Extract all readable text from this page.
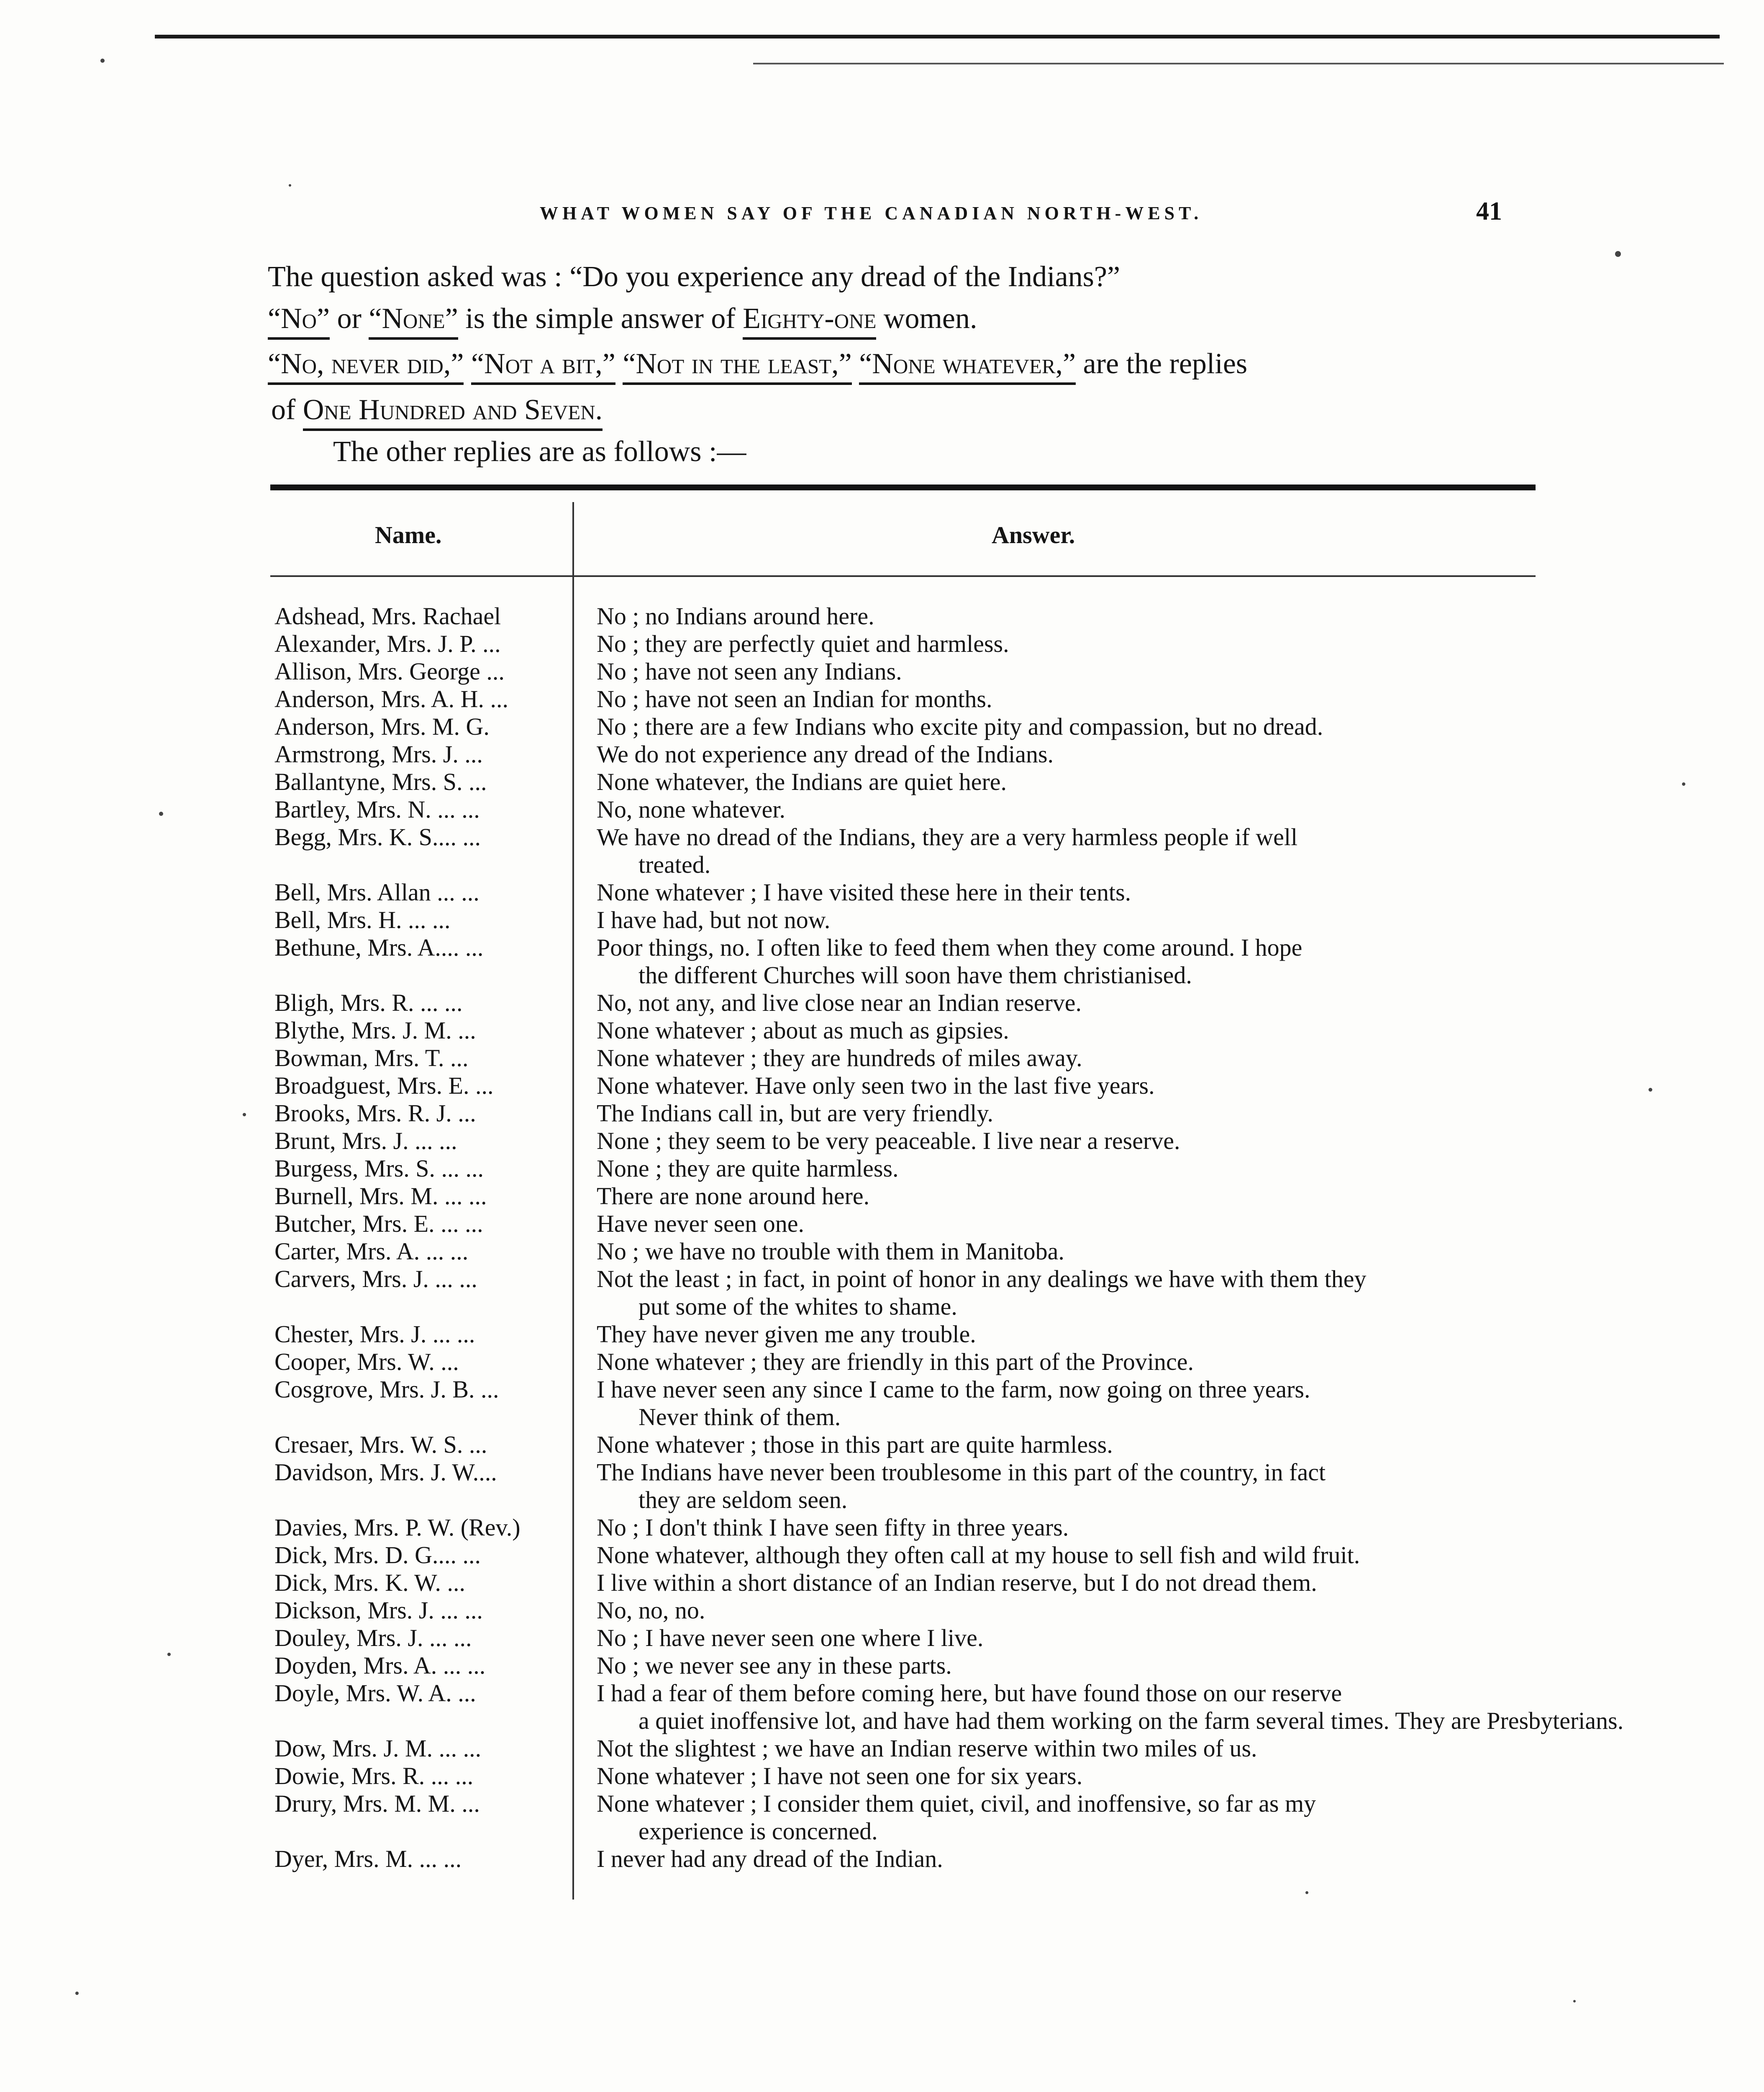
WHAT WOMEN SAY OF THE CANADIAN NORTH-WEST.	41
The question asked was : “Do you experience any dread of the Indians?”
“No” or “None” is the simple answer of Eighty-one women.
“No, never did,” “Not a bit,” “Not in the least,” “None whatever,” are the replies
of One Hundred and Seven.
The other replies are as follows :—
Name.	Answer.
Adshead, Mrs. Rachael	No ; no Indians around here.
Alexander, Mrs. J. P. ...	No ; they are perfectly quiet and harmless.
Allison, Mrs. George ...	No ; have not seen any Indians.
Anderson, Mrs. A. H. ...	No ; have not seen an Indian for months.
Anderson, Mrs. M. G.	No ; there are a few Indians who excite pity and compassion, but no dread.
Armstrong, Mrs. J. ...	We do not experience any dread of the Indians.
Ballantyne, Mrs. S. ...	None whatever, the Indians are quiet here.
Bartley, Mrs. N. ... ...	No, none whatever.
Begg, Mrs. K. S.... ...	We have no dread of the Indians, they are a very harmless people if well
treated.
Bell, Mrs. Allan ... ...	None whatever ; I have visited these here in their tents.
Bell, Mrs. H. ... ...	I have had, but not now.
Bethune, Mrs. A.... ...	Poor things, no. I often like to feed them when they come around. I hope
the different Churches will soon have them christianised.
Bligh, Mrs. R. ... ...	No, not any, and live close near an Indian reserve.
Blythe, Mrs. J. M. ...	None whatever ; about as much as gipsies.
Bowman, Mrs. T. ...	None whatever ; they are hundreds of miles away.
Broadguest, Mrs. E. ...	None whatever. Have only seen two in the last five years.
Brooks, Mrs. R. J. ...	The Indians call in, but are very friendly.
Brunt, Mrs. J. ... ...	None ; they seem to be very peaceable. I live near a reserve.
Burgess, Mrs. S. ... ...	None ; they are quite harmless.
Burnell, Mrs. M. ... ...	There are none around here.
Butcher, Mrs. E. ... ...	Have never seen one.
Carter, Mrs. A. ... ...	No ; we have no trouble with them in Manitoba.
Carvers, Mrs. J. ... ...	Not the least ; in fact, in point of honor in any dealings we have with them they
put some of the whites to shame.
Chester, Mrs. J. ... ...	They have never given me any trouble.
Cooper, Mrs. W. ...	None whatever ; they are friendly in this part of the Province.
Cosgrove, Mrs. J. B. ...	I have never seen any since I came to the farm, now going on three years.
Never think of them.
Cresaer, Mrs. W. S. ...	None whatever ; those in this part are quite harmless.
Davidson, Mrs. J. W....	The Indians have never been troublesome in this part of the country, in fact
they are seldom seen.
Davies, Mrs. P. W. (Rev.)	No ; I don't think I have seen fifty in three years.
Dick, Mrs. D. G.... ...	None whatever, although they often call at my house to sell fish and wild fruit.
Dick, Mrs. K. W. ...	I live within a short distance of an Indian reserve, but I do not dread them.
Dickson, Mrs. J. ... ...	No, no, no.
Douley, Mrs. J. ... ...	No ; I have never seen one where I live.
Doyden, Mrs. A. ... ...	No ; we never see any in these parts.
Doyle, Mrs. W. A. ...	I had a fear of them before coming here, but have found those on our reserve
a quiet inoffensive lot, and have had them working on the farm several times. They are Presbyterians.
Dow, Mrs. J. M. ... ...	Not the slightest ; we have an Indian reserve within two miles of us.
Dowie, Mrs. R. ... ...	None whatever ; I have not seen one for six years.
Drury, Mrs. M. M. ...	None whatever ; I consider them quiet, civil, and inoffensive, so far as my
experience is concerned.
Dyer, Mrs. M. ... ...	I never had any dread of the Indian.
